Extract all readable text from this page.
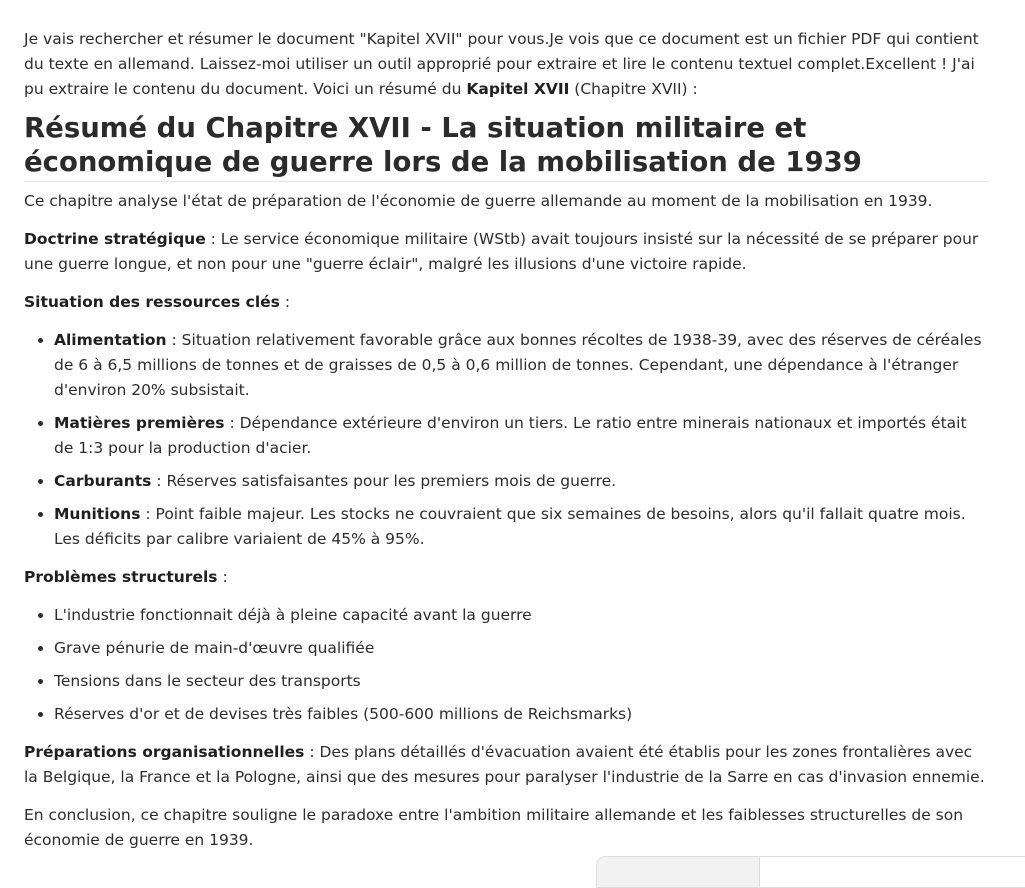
Je vais rechercher et résumer le document "Kapitel XVII" pour vous.Je vois que ce document est un fichier PDF qui contient du texte en allemand. Laissez-moi utiliser un outil approprié pour extraire et lire le contenu textuel complet.Excellent ! J'ai pu extraire le contenu du document. Voici un résumé du Kapitel XVII (Chapitre XVII) :

Résumé du Chapitre XVII - La situation militaire et économique de guerre lors de la mobilisation de 1939

Ce chapitre analyse l'état de préparation de l'économie de guerre allemande au moment de la mobilisation en 1939.

Doctrine stratégique : Le service économique militaire (WStb) avait toujours insisté sur la nécessité de se préparer pour une guerre longue, et non pour une "guerre éclair", malgré les illusions d'une victoire rapide.

Situation des ressources clés :

• Alimentation : Situation relativement favorable grâce aux bonnes récoltes de 1938-39, avec des réserves de céréales de 6 à 6,5 millions de tonnes et de graisses de 0,5 à 0,6 million de tonnes. Cependant, une dépendance à l'étranger d'environ 20% subsistait.
• Matières premières : Dépendance extérieure d'environ un tiers. Le ratio entre minerais nationaux et importés était de 1:3 pour la production d'acier.
• Carburants : Réserves satisfaisantes pour les premiers mois de guerre.
• Munitions : Point faible majeur. Les stocks ne couvraient que six semaines de besoins, alors qu'il fallait quatre mois. Les déficits par calibre variaient de 45% à 95%.

Problèmes structurels :

• L'industrie fonctionnait déjà à pleine capacité avant la guerre
• Grave pénurie de main-d'œuvre qualifiée
• Tensions dans le secteur des transports
• Réserves d'or et de devises très faibles (500-600 millions de Reichsmarks)

Préparations organisationnelles : Des plans détaillés d'évacuation avaient été établis pour les zones frontalières avec la Belgique, la France et la Pologne, ainsi que des mesures pour paralyser l'industrie de la Sarre en cas d'invasion ennemie.

En conclusion, ce chapitre souligne le paradoxe entre l'ambition militaire allemande et les faiblesses structurelles de son économie de guerre en 1939.
